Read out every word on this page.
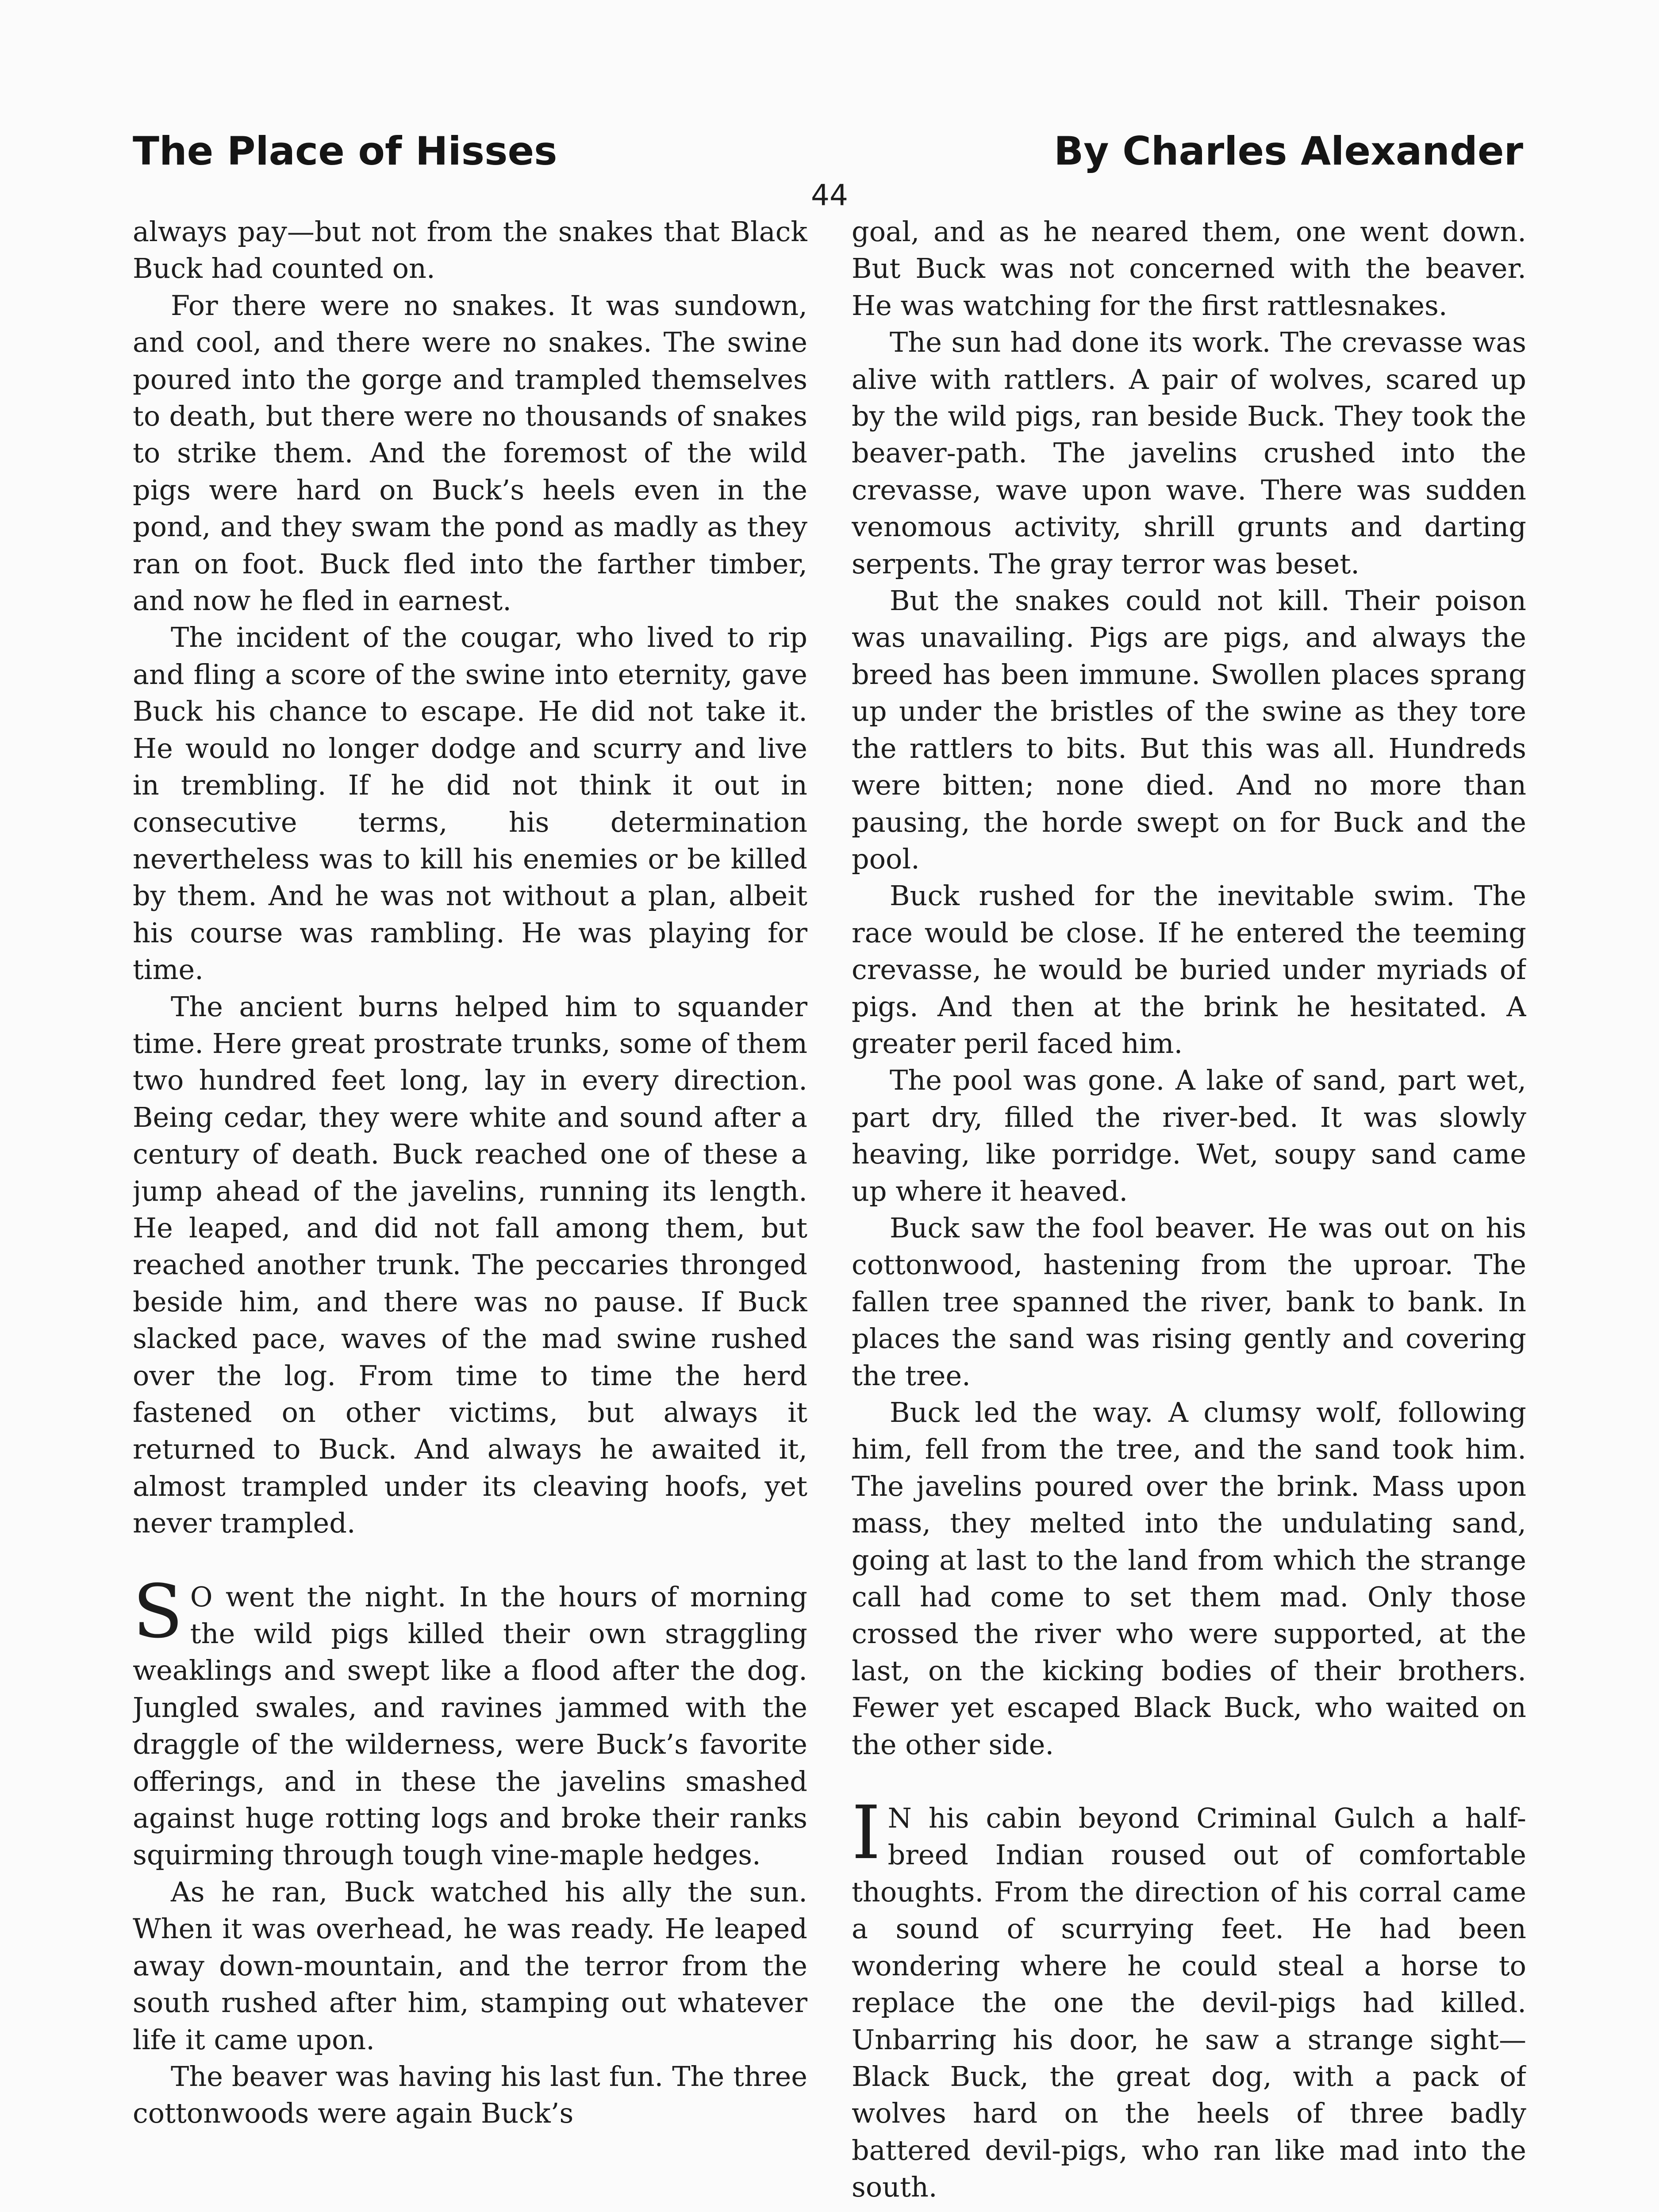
The Place of Hisses	By Charles Alexander
44

always pay—but not from the snakes that Black Buck had counted on.

For there were no snakes. It was sundown, and cool, and there were no snakes. The swine poured into the gorge and trampled themselves to death, but there were no thousands of snakes to strike them. And the foremost of the wild pigs were hard on Buck’s heels even in the pond, and they swam the pond as madly as they ran on foot. Buck fled into the farther timber, and now he fled in earnest.

The incident of the cougar, who lived to rip and fling a score of the swine into eternity, gave Buck his chance to escape. He did not take it. He would no longer dodge and scurry and live in trembling. If he did not think it out in consecutive terms, his determination nevertheless was to kill his enemies or be killed by them. And he was not without a plan, albeit his course was rambling. He was playing for time.

The ancient burns helped him to squander time. Here great prostrate trunks, some of them two hundred feet long, lay in every direction. Being cedar, they were white and sound after a century of death. Buck reached one of these a jump ahead of the javelins, running its length. He leaped, and did not fall among them, but reached another trunk. The peccaries thronged beside him, and there was no pause. If Buck slacked pace, waves of the mad swine rushed over the log. From time to time the herd fastened on other victims, but always it returned to Buck. And always he awaited it, almost trampled under its cleaving hoofs, yet never trampled.

S O went the night. In the hours of morning the wild pigs killed their own straggling weaklings and swept like a flood after the dog. Jungled swales, and ravines jammed with the draggle of the wilderness, were Buck’s favorite offerings, and in these the javelins smashed against huge rotting logs and broke their ranks squirming through tough vine-maple hedges.

As he ran, Buck watched his ally the sun. When it was overhead, he was ready. He leaped away down-mountain, and the terror from the south rushed after him, stamping out whatever life it came upon.

The beaver was having his last fun. The three cottonwoods were again Buck’s

goal, and as he neared them, one went down. But Buck was not concerned with the beaver. He was watching for the first rattlesnakes.

The sun had done its work. The crevasse was alive with rattlers. A pair of wolves, scared up by the wild pigs, ran beside Buck. They took the beaver-path. The javelins crushed into the crevasse, wave upon wave. There was sudden venomous activity, shrill grunts and darting serpents. The gray terror was beset.

But the snakes could not kill. Their poison was unavailing. Pigs are pigs, and always the breed has been immune. Swollen places sprang up under the bristles of the swine as they tore the rattlers to bits. But this was all. Hundreds were bitten; none died. And no more than pausing, the horde swept on for Buck and the pool.

Buck rushed for the inevitable swim. The race would be close. If he entered the teeming crevasse, he would be buried under myriads of pigs. And then at the brink he hesitated. A greater peril faced him.

The pool was gone. A lake of sand, part wet, part dry, filled the river-bed. It was slowly heaving, like porridge. Wet, soupy sand came up where it heaved.

Buck saw the fool beaver. He was out on his cottonwood, hastening from the uproar. The fallen tree spanned the river, bank to bank. In places the sand was rising gently and covering the tree.

Buck led the way. A clumsy wolf, following him, fell from the tree, and the sand took him. The javelins poured over the brink. Mass upon mass, they melted into the undulating sand, going at last to the land from which the strange call had come to set them mad. Only those crossed the river who were supported, at the last, on the kicking bodies of their brothers. Fewer yet escaped Black Buck, who waited on the other side.

I N his cabin beyond Criminal Gulch a half-breed Indian roused out of comfortable thoughts. From the direction of his corral came a sound of scurrying feet. He had been wondering where he could steal a horse to replace the one the devil-pigs had killed. Unbarring his door, he saw a strange sight—Black Buck, the great dog, with a pack of wolves hard on the heels of three badly battered devil-pigs, who ran like mad into the south.
